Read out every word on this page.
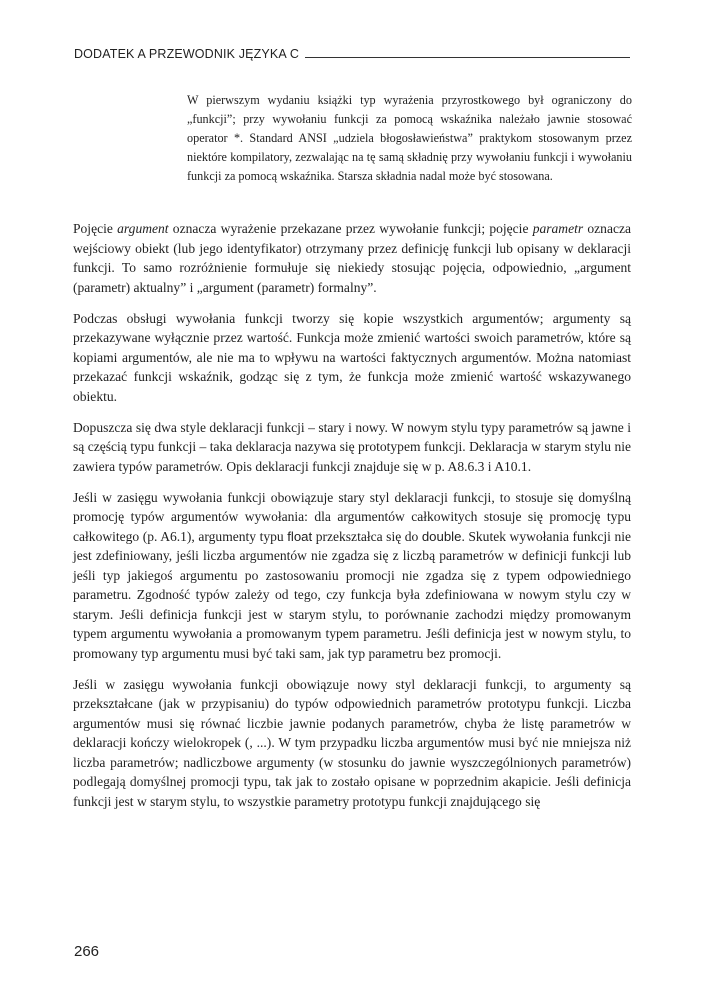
DODATEK A PRZEWODNIK JĘZYKA C
W pierwszym wydaniu książki typ wyrażenia przyrostkowego był ograniczony do „funkcji”; przy wywołaniu funkcji za pomocą wskaźnika należało jawnie stosować operator *. Standard ANSI „udziela błogosławieństwa” praktykom stosowanym przez niektóre kompilatory, zezwalając na tę samą składnię przy wywołaniu funkcji i wywołaniu funkcji za pomocą wskaźnika. Starsza składnia nadal może być stosowana.

Pojęcie argument oznacza wyrażenie przekazane przez wywołanie funkcji; pojęcie parametr oznacza wejściowy obiekt (lub jego identyfikator) otrzymany przez definicję funkcji lub opisany w deklaracji funkcji. To samo rozróżnienie formułuje się niekiedy stosując pojęcia, odpowiednio, „argument (parametr) aktualny” i „argument (parametr) formalny”.

Podczas obsługi wywołania funkcji tworzy się kopie wszystkich argumentów; argumenty są przekazywane wyłącznie przez wartość. Funkcja może zmienić wartości swoich parametrów, które są kopiami argumentów, ale nie ma to wpływu na wartości faktycznych argumentów. Można natomiast przekazać funkcji wskaźnik, godząc się z tym, że funkcja może zmienić wartość wskazywanego obiektu.

Dopuszcza się dwa style deklaracji funkcji – stary i nowy. W nowym stylu typy parametrów są jawne i są częścią typu funkcji – taka deklaracja nazywa się prototypem funkcji. Deklaracja w starym stylu nie zawiera typów parametrów. Opis deklaracji funkcji znajduje się w p. A8.6.3 i A10.1.

Jeśli w zasięgu wywołania funkcji obowiązuje stary styl deklaracji funkcji, to stosuje się domyślną promocję typów argumentów wywołania: dla argumentów całkowitych stosuje się promocję typu całkowitego (p. A6.1), argumenty typu float przekształca się do double. Skutek wywołania funkcji nie jest zdefiniowany, jeśli liczba argumentów nie zgadza się z liczbą parametrów w definicji funkcji lub jeśli typ jakiegoś argumentu po zastosowaniu promocji nie zgadza się z typem odpowiedniego parametru. Zgodność typów zależy od tego, czy funkcja była zdefiniowana w nowym stylu czy w starym. Jeśli definicja funkcji jest w starym stylu, to porównanie zachodzi między promowanym typem argumentu wywołania a promowanym typem parametru. Jeśli definicja jest w nowym stylu, to promowany typ argumentu musi być taki sam, jak typ parametru bez promocji.

Jeśli w zasięgu wywołania funkcji obowiązuje nowy styl deklaracji funkcji, to argumenty są przekształcane (jak w przypisaniu) do typów odpowiednich parametrów prototypu funkcji. Liczba argumentów musi się równać liczbie jawnie podanych parametrów, chyba że listę parametrów w deklaracji kończy wielokropek (, ...). W tym przypadku liczba argumentów musi być nie mniejsza niż liczba parametrów; nadliczbowe argumenty (w stosunku do jawnie wyszczególnionych parametrów) podlegają domyślnej promocji typu, tak jak to zostało opisane w poprzednim akapicie. Jeśli definicja funkcji jest w starym stylu, to wszystkie parametry prototypu funkcji znajdującego się

266
